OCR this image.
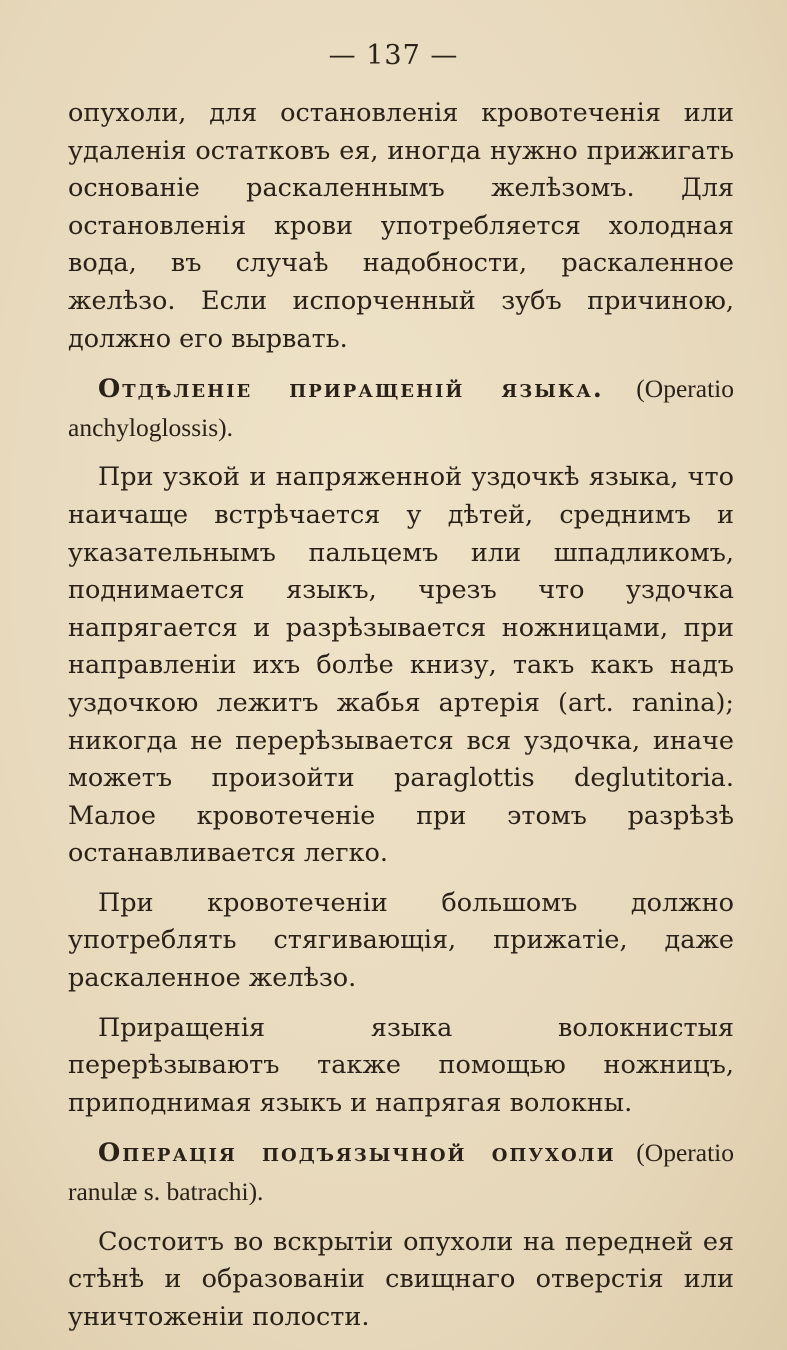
— 137 —

опухоли, для остановленія кровотеченія или удаленія остатковъ ея, иногда нужно прижигать основаніе раскаленнымъ желѣзомъ. Для остановленія крови употребляется холодная вода, въ случаѣ надобности, раскаленное желѣзо. Если испорченный зубъ причиною, должно его вырвать.

Отдѣленіе приращеній языка. (Operatio anchyloglossis).

При узкой и напряженной уздочкѣ языка, что наичаще встрѣчается у дѣтей, среднимъ и указательнымъ пальцемъ или шпадликомъ, поднимается языкъ, чрезъ что уздочка напрягается и разрѣзывается ножницами, при направленіи ихъ болѣе книзу, такъ какъ надъ уздочкою лежитъ жабья артерія (art. ranina); никогда не перерѣзывается вся уздочка, иначе можетъ произойти paraglottis deglutitoria. Малое кровотеченіе при этомъ разрѣзѣ останавливается легко.

При кровотеченіи большомъ должно употреблять стягивающія, прижатіе, даже раскаленное желѣзо.

Приращенія языка волокнистыя перерѣзываютъ также помощью ножницъ, приподнимая языкъ и напрягая волокны.

Операція подъязычной опухоли (Operatio ranulæ s. batrachi).

Состоитъ во вскрытіи опухоли на передней ея стѣнѣ и образованіи свищнаго отверстія или уничтоженіи полости.
